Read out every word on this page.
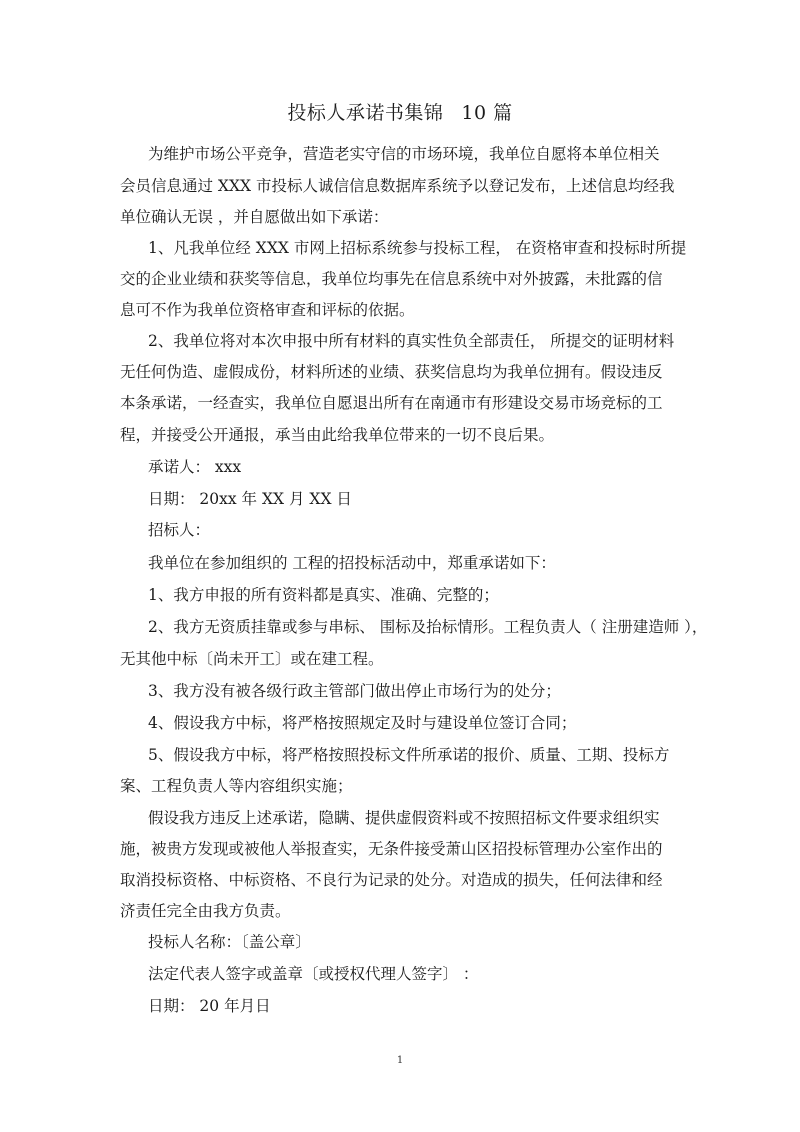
投标人承诺书集锦 10 篇
为维护市场公平竞争，营造老实守信的市场环境，我单位自愿将本单位相关
会员信息通过 XXX 市投标人诚信信息数据库系统予以登记发布，上述信息均经我
单位确认无误 ，并自愿做出如下承诺：
1、凡我单位经 XXX 市网上招标系统参与投标工程， 在资格审查和投标时所提
交的企业业绩和获奖等信息，我单位均事先在信息系统中对外披露，未批露的信
息可不作为我单位资格审查和评标的依据。
2、我单位将对本次申报中所有材料的真实性负全部责任， 所提交的证明材料
无任何伪造、虚假成份，材料所述的业绩、获奖信息均为我单位拥有。假设违反
本条承诺，一经查实，我单位自愿退出所有在南通市有形建设交易市场竞标的工
程，并接受公开通报，承当由此给我单位带来的一切不良后果。
承诺人： xxx
日期： 20xx 年 XX 月 XX 日
招标人：
我单位在参加组织的 工程的招投标活动中，郑重承诺如下：
1、我方申报的所有资料都是真实、准确、完整的；
2、我方无资质挂靠或参与串标、 围标及抬标情形。工程负责人（ 注册建造师 ），
无其他中标〔尚未开工〕或在建工程。
3、我方没有被各级行政主管部门做出停止市场行为的处分；
4、假设我方中标，将严格按照规定及时与建设单位签订合同；
5、假设我方中标，将严格按照投标文件所承诺的报价、质量、工期、投标方
案、工程负责人等内容组织实施；
假设我方违反上述承诺，隐瞒、提供虚假资料或不按照招标文件要求组织实
施，被贵方发现或被他人举报查实，无条件接受萧山区招投标管理办公室作出的
取消投标资格、中标资格、不良行为记录的处分。对造成的损失，任何法律和经
济责任完全由我方负责。
投标人名称：〔盖公章〕
法定代表人签字或盖章〔或授权代理人签字〕 ：
日期： 20 年月日
1
